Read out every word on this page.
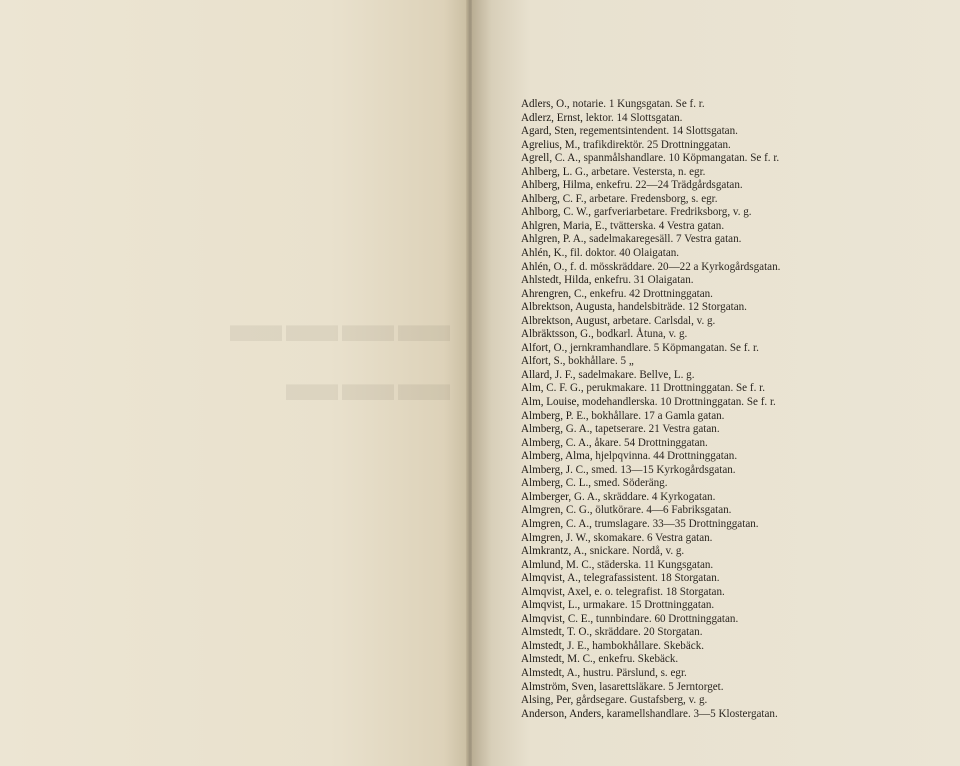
▬▬▬▬ ▬▬▬
Adlers, O., notarie. 1 Kungsgatan. Se f. r.
Adlerz, Ernst, lektor. 14 Slottsgatan.
Agard, Sten, regementsintendent. 14 Slottsgatan.
Agrelius, M., trafikdirektör. 25 Drottninggatan.
Agrell, C. A., spanmålshandlare. 10 Köpmangatan. Se f. r.
Ahlberg, L. G., arbetare. Vestersta, n. egr.
Ahlberg, Hilma, enkefru. 22—24 Trädgårdsgatan.
Ahlberg, C. F., arbetare. Fredensborg, s. egr.
Ahlborg, C. W., garfveriarbetare. Fredriksborg, v. g.
Ahlgren, Maria, E., tvätterska. 4 Vestra gatan.
Ahlgren, P. A., sadelmakaregesäll. 7 Vestra gatan.
Ahlén, K., fil. doktor. 40 Olaigatan.
Ahlén, O., f. d. mösskräddare. 20—22 a Kyrkogårdsgatan.
Ahlstedt, Hilda, enkefru. 31 Olaigatan.
Ahrengren, C., enkefru. 42 Drottninggatan.
Albrektson, Augusta, handelsbiträde. 12 Storgatan.
Albrektson, August, arbetare. Carlsdal, v. g.
Albräktsson, G., bodkarl. Åtuna, v. g.
Alfort, O., jernkramhandlare. 5 Köpmangatan. Se f. r.
Alfort, S., bokhållare. 5 „
Allard, J. F., sadelmakare. Bellve, L. g.
Alm, C. F. G., perukmakare. 11 Drottninggatan. Se f. r.
Alm, Louise, modehandlerska. 10 Drottninggatan. Se f. r.
Almberg, P. E., bokhållare. 17 a Gamla gatan.
Almberg, G. A., tapetserare. 21 Vestra gatan.
Almberg, C. A., åkare. 54 Drottninggatan.
Almberg, Alma, hjelpqvinna. 44 Drottninggatan.
Almberg, J. C., smed. 13—15 Kyrkogårdsgatan.
Almberg, C. L., smed. Söderäng.
Almberger, G. A., skräddare. 4 Kyrkogatan.
Almgren, C. G., ölutkörare. 4—6 Fabriksgatan.
Almgren, C. A., trumslagare. 33—35 Drottninggatan.
Almgren, J. W., skomakare. 6 Vestra gatan.
Almkrantz, A., snickare. Nordå, v. g.
Almlund, M. C., städerska. 11 Kungsgatan.
Almqvist, A., telegrafassistent. 18 Storgatan.
Almqvist, Axel, e. o. telegrafist. 18 Storgatan.
Almqvist, L., urmakare. 15 Drottninggatan.
Almqvist, C. E., tunnbindare. 60 Drottninggatan.
Almstedt, T. O., skräddare. 20 Storgatan.
Almstedt, J. E., hambokhållare. Skebäck.
Almstedt, M. C., enkefru. Skebäck.
Almstedt, A., hustru. Pärslund, s. egr.
Almström, Sven, lasarettsläkare. 5 Jerntorget.
Alsing, Per, gårdsegare. Gustafsberg, v. g.
Anderson, Anders, karamellshandlare. 3—5 Klostergatan.
